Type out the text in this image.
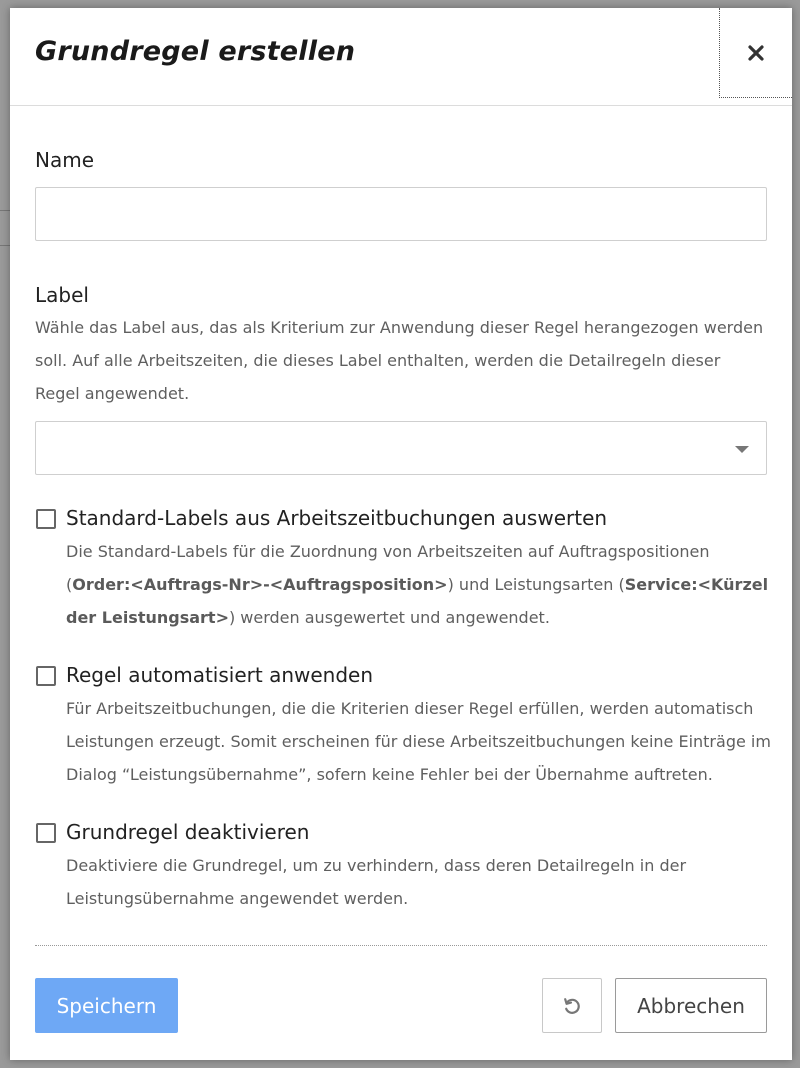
Grundregel erstellen
Name
Label
Wähle das Label aus, das als Kriterium zur Anwendung dieser Regel herangezogen werden soll. Auf alle Arbeitszeiten, die dieses Label enthalten, werden die Detailregeln dieser Regel angewendet.
Standard-Labels aus Arbeitszeitbuchungen auswerten
Die Standard-Labels für die Zuordnung von Arbeitszeiten auf Auftragspositionen (Order:<Auftrags-Nr>-<Auftragsposition>) und Leistungsarten (Service:<Kürzel der Leistungsart>) werden ausgewertet und angewendet.
Regel automatisiert anwenden
Für Arbeitszeitbuchungen, die die Kriterien dieser Regel erfüllen, werden automatisch Leistungen erzeugt. Somit erscheinen für diese Arbeitszeitbuchungen keine Einträge im Dialog “Leistungsübernahme”, sofern keine Fehler bei der Übernahme auftreten.
Grundregel deaktivieren
Deaktiviere die Grundregel, um zu verhindern, dass deren Detailregeln in der Leistungsübernahme angewendet werden.
Speichern	Abbrechen
